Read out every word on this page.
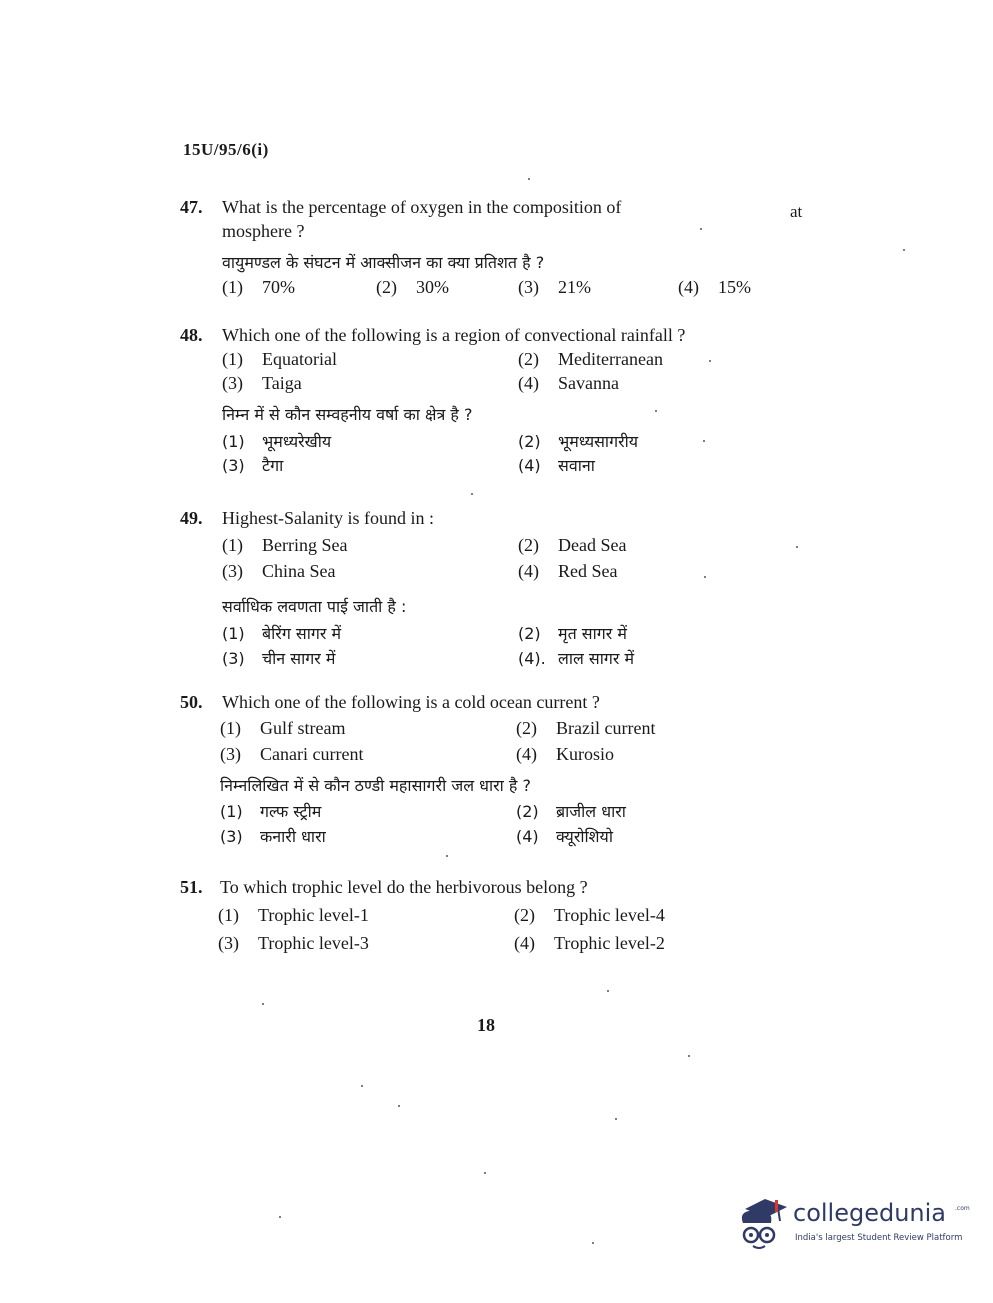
15U/95/6(i)
47. What is the percentage of oxygen in the composition of
mosphere ?
वायुमण्डल के संघटन में आक्सीजन का क्या प्रतिशत है ?
(1) 70%	(2) 30%	(3) 21%	(4) 15%
at
48. Which one of the following is a region of convectional rainfall ?
(1) Equatorial	(2) Mediterranean
(3) Taiga	(4) Savanna
निम्न में से कौन सम्वहनीय वर्षा का क्षेत्र है ?
(1) भूमध्यरेखीय	(2) भूमध्यसागरीय
(3) टैगा	(4) सवाना
49. Highest-Salanity is found in :
(1) Berring Sea	(2) Dead Sea
(3) China Sea	(4) Red Sea
सर्वाधिक लवणता पाई जाती है :
(1) बेरिंग सागर में	(2) मृत सागर में
(3) चीन सागर में	(4). लाल सागर में
50. Which one of the following is a cold ocean current ?
(1) Gulf stream	(2) Brazil current
(3) Canari current	(4) Kurosio
निम्नलिखित में से कौन ठण्डी महासागरी जल धारा है ?
(1) गल्फ स्ट्रीम	(2) ब्राजील धारा
(3) कनारी धारा	(4) क्यूरोशियो
51. To which trophic level do the herbivorous belong ?
(1) Trophic level-1	(2) Trophic level-4
(3) Trophic level-3	(4) Trophic level-2
18
collegedunia .com
India's largest Student Review Platform
